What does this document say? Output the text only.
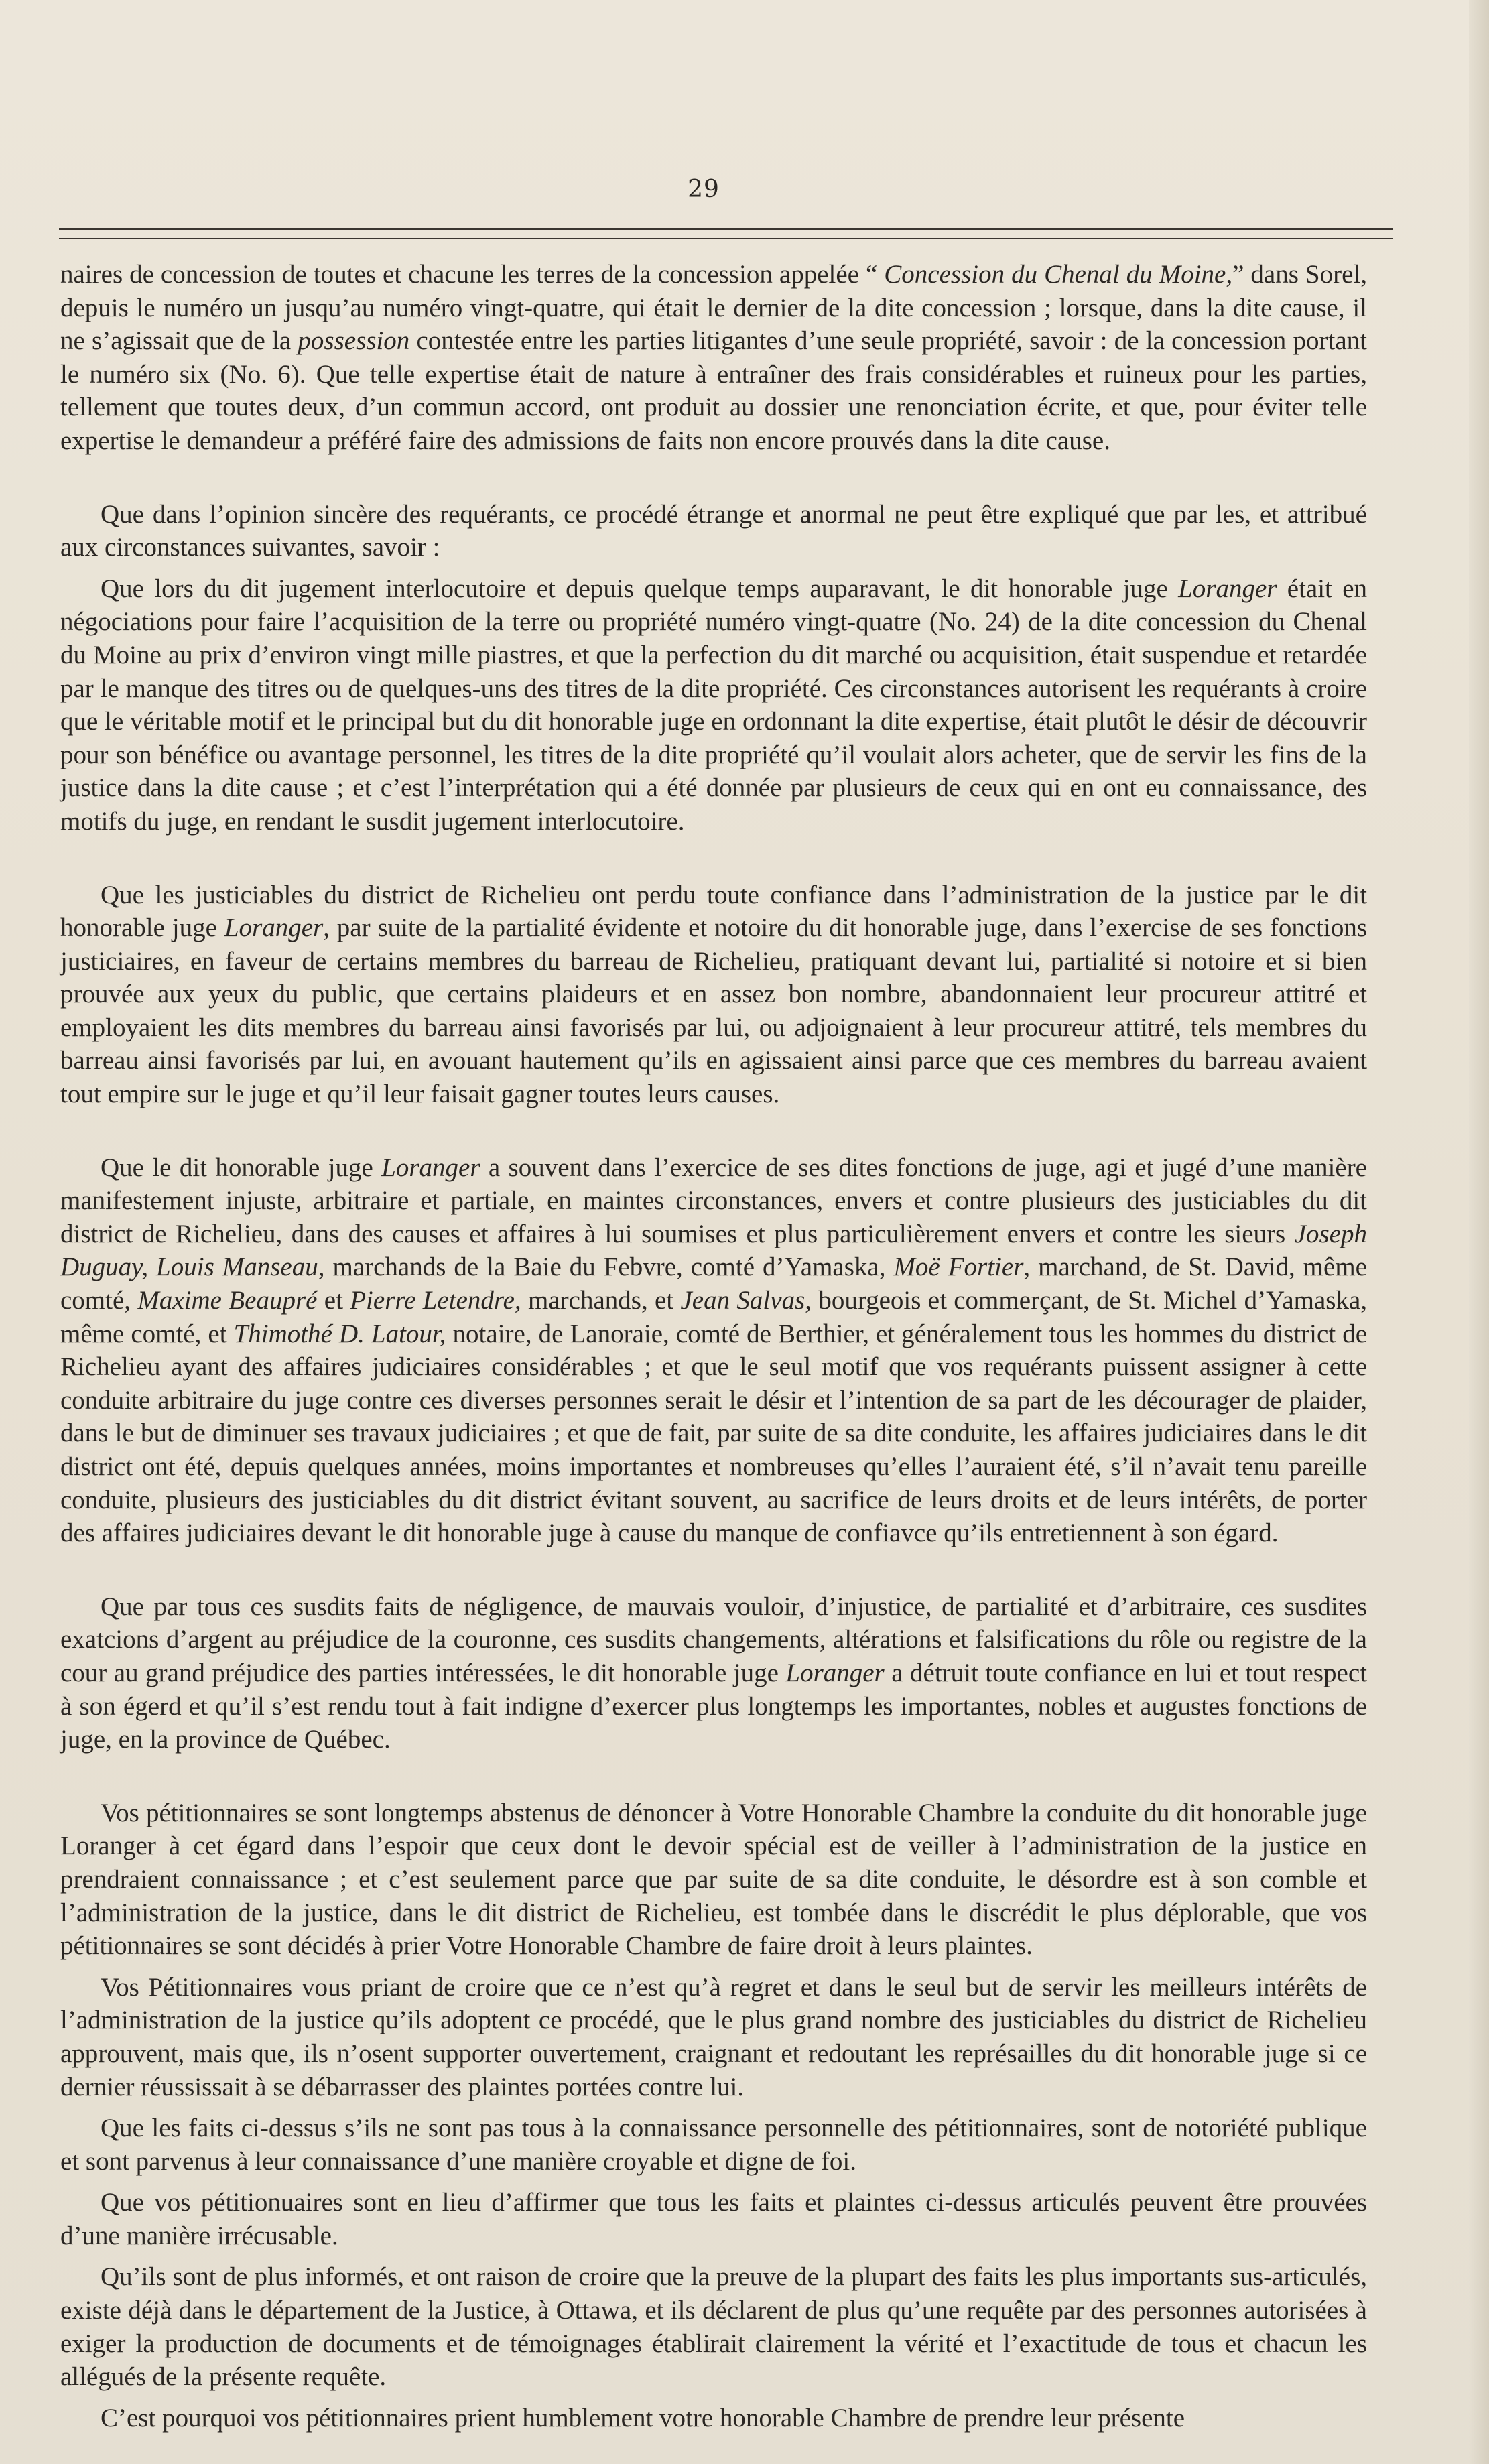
29

naires de concession de toutes et chacune les terres de la concession appelée “ Concession du Chenal du Moine,” dans Sorel, depuis le numéro un jusqu’au numéro vingt-quatre, qui était le dernier de la dite concession ; lorsque, dans la dite cause, il ne s’agissait que de la possession contestée entre les parties litigantes d’une seule propriété, savoir : de la concession portant le numéro six (No. 6). Que telle expertise était de nature à entraîner des frais considérables et ruineux pour les parties, tellement que toutes deux, d’un commun accord, ont produit au dossier une renonciation écrite, et que, pour éviter telle expertise le demandeur a préféré faire des admissions de faits non encore prouvés dans la dite cause.

Que dans l’opinion sincère des requérants, ce procédé étrange et anormal ne peut être expliqué que par les, et attribué aux circonstances suivantes, savoir :

Que lors du dit jugement interlocutoire et depuis quelque temps auparavant, le dit honorable juge Loranger était en négociations pour faire l’acquisition de la terre ou propriété numéro vingt-quatre (No. 24) de la dite concession du Chenal du Moine au prix d’environ vingt mille piastres, et que la perfection du dit marché ou acquisition, était suspendue et retardée par le manque des titres ou de quelques-uns des titres de la dite propriété. Ces circonstances autorisent les requérants à croire que le véritable motif et le principal but du dit honorable juge en ordonnant la dite expertise, était plutôt le désir de découvrir pour son bénéfice ou avantage personnel, les titres de la dite propriété qu’il voulait alors acheter, que de servir les fins de la justice dans la dite cause ; et c’est l’interprétation qui a été donnée par plusieurs de ceux qui en ont eu connaissance, des motifs du juge, en rendant le susdit jugement interlocutoire.

Que les justiciables du district de Richelieu ont perdu toute confiance dans l’administration de la justice par le dit honorable juge Loranger, par suite de la partialité évidente et notoire du dit honorable juge, dans l’exercise de ses fonctions justiciaires, en faveur de certains membres du barreau de Richelieu, pratiquant devant lui, partialité si notoire et si bien prouvée aux yeux du public, que certains plaideurs et en assez bon nombre, abandonnaient leur procureur attitré et employaient les dits membres du barreau ainsi favorisés par lui, ou adjoignaient à leur procureur attitré, tels membres du barreau ainsi favorisés par lui, en avouant hautement qu’ils en agissaient ainsi parce que ces membres du barreau avaient tout empire sur le juge et qu’il leur faisait gagner toutes leurs causes.

Que le dit honorable juge Loranger a souvent dans l’exercice de ses dites fonctions de juge, agi et jugé d’une manière manifestement injuste, arbitraire et partiale, en maintes circonstances, envers et contre plusieurs des justiciables du dit district de Richelieu, dans des causes et affaires à lui soumises et plus particulièrement envers et contre les sieurs Joseph Duguay, Louis Manseau, marchands de la Baie du Febvre, comté d’Yamaska, Moë Fortier, marchand, de St. David, même comté, Maxime Beaupré et Pierre Letendre, marchands, et Jean Salvas, bourgeois et commerçant, de St. Michel d’Yamaska, même comté, et Thimothé D. Latour, notaire, de Lanoraie, comté de Berthier, et généralement tous les hommes du district de Richelieu ayant des affaires judiciaires considérables ; et que le seul motif que vos requérants puissent assigner à cette conduite arbitraire du juge contre ces diverses personnes serait le désir et l’intention de sa part de les décourager de plaider, dans le but de diminuer ses travaux judiciaires ; et que de fait, par suite de sa dite conduite, les affaires judiciaires dans le dit district ont été, depuis quelques années, moins importantes et nombreuses qu’elles l’auraient été, s’il n’avait tenu pareille conduite, plusieurs des justiciables du dit district évitant souvent, au sacrifice de leurs droits et de leurs intérêts, de porter des affaires judiciaires devant le dit honorable juge à cause du manque de confiavce qu’ils entretiennent à son égard.

Que par tous ces susdits faits de négligence, de mauvais vouloir, d’injustice, de partialité et d’arbitraire, ces susdites exatcions d’argent au préjudice de la couronne, ces susdits changements, altérations et falsifications du rôle ou registre de la cour au grand préjudice des parties intéressées, le dit honorable juge Loranger a détruit toute confiance en lui et tout respect à son égerd et qu’il s’est rendu tout à fait indigne d’exercer plus longtemps les importantes, nobles et augustes fonctions de juge, en la province de Québec.

Vos pétitionnaires se sont longtemps abstenus de dénoncer à Votre Honorable Chambre la conduite du dit honorable juge Loranger à cet égard dans l’espoir que ceux dont le devoir spécial est de veiller à l’administration de la justice en prendraient connaissance ; et c’est seulement parce que par suite de sa dite conduite, le désordre est à son comble et l’administration de la justice, dans le dit district de Richelieu, est tombée dans le discrédit le plus déplorable, que vos pétitionnaires se sont décidés à prier Votre Honorable Chambre de faire droit à leurs plaintes.

Vos Pétitionnaires vous priant de croire que ce n’est qu’à regret et dans le seul but de servir les meilleurs intérêts de l’administration de la justice qu’ils adoptent ce procédé, que le plus grand nombre des justiciables du district de Richelieu approuvent, mais que, ils n’osent supporter ouvertement, craignant et redoutant les représailles du dit honorable juge si ce dernier réussissait à se débarrasser des plaintes portées contre lui.

Que les faits ci-dessus s’ils ne sont pas tous à la connaissance personnelle des pétitionnaires, sont de notoriété publique et sont parvenus à leur connaissance d’une manière croyable et digne de foi.

Que vos pétitionuaires sont en lieu d’affirmer que tous les faits et plaintes ci-dessus articulés peuvent être prouvées d’une manière irrécusable.

Qu’ils sont de plus informés, et ont raison de croire que la preuve de la plupart des faits les plus importants sus-articulés, existe déjà dans le département de la Justice, à Ottawa, et ils déclarent de plus qu’une requête par des personnes autorisées à exiger la production de documents et de témoignages établirait clairement la vérité et l’exactitude de tous et chacun les allégués de la présente requête.

C’est pourquoi vos pétitionnaires prient humblement votre honorable Chambre de prendre leur présente
